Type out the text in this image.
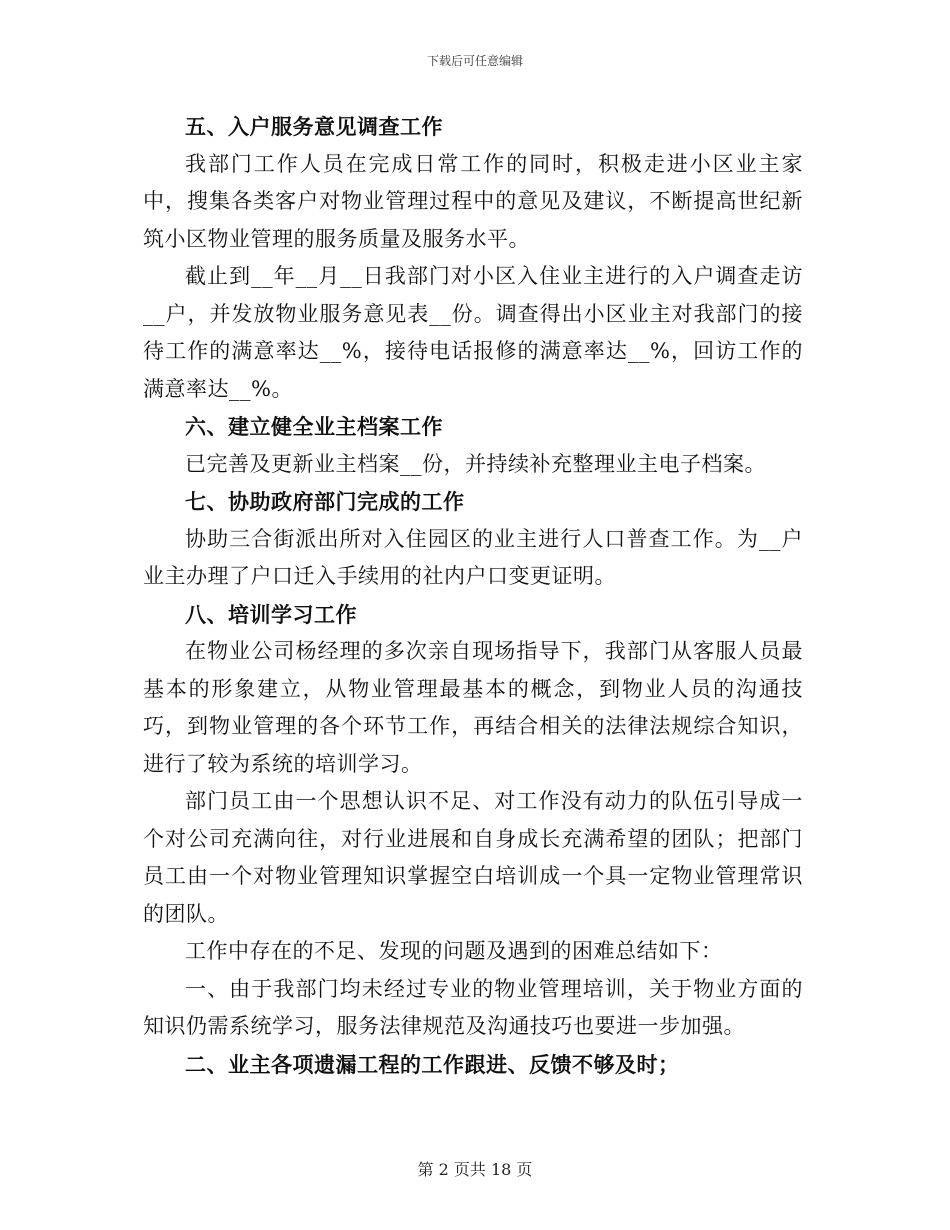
下载后可任意编辑

五、入户服务意见调查工作

我部门工作人员在完成日常工作的同时，积极走进小区业主家中，搜集各类客户对物业管理过程中的意见及建议，不断提高世纪新筑小区物业管理的服务质量及服务水平。

截止到__年__月__日我部门对小区入住业主进行的入户调查走访__户，并发放物业服务意见表__份。调查得出小区业主对我部门的接待工作的满意率达__%，接待电话报修的满意率达__%，回访工作的满意率达__%。

六、建立健全业主档案工作

已完善及更新业主档案__份，并持续补充整理业主电子档案。

七、协助政府部门完成的工作

协助三合街派出所对入住园区的业主进行人口普查工作。为__户业主办理了户口迁入手续用的社内户口变更证明。

八、培训学习工作

在物业公司杨经理的多次亲自现场指导下，我部门从客服人员最基本的形象建立，从物业管理最基本的概念，到物业人员的沟通技巧，到物业管理的各个环节工作，再结合相关的法律法规综合知识，进行了较为系统的培训学习。

部门员工由一个思想认识不足、对工作没有动力的队伍引导成一个对公司充满向往，对行业进展和自身成长充满希望的团队；把部门员工由一个对物业管理知识掌握空白培训成一个具一定物业管理常识的团队。

工作中存在的不足、发现的问题及遇到的困难总结如下：

一、由于我部门均未经过专业的物业管理培训，关于物业方面的知识仍需系统学习，服务法律规范及沟通技巧也要进一步加强。

二、业主各项遗漏工程的工作跟进、反馈不够及时；

第 2 页共 18 页
